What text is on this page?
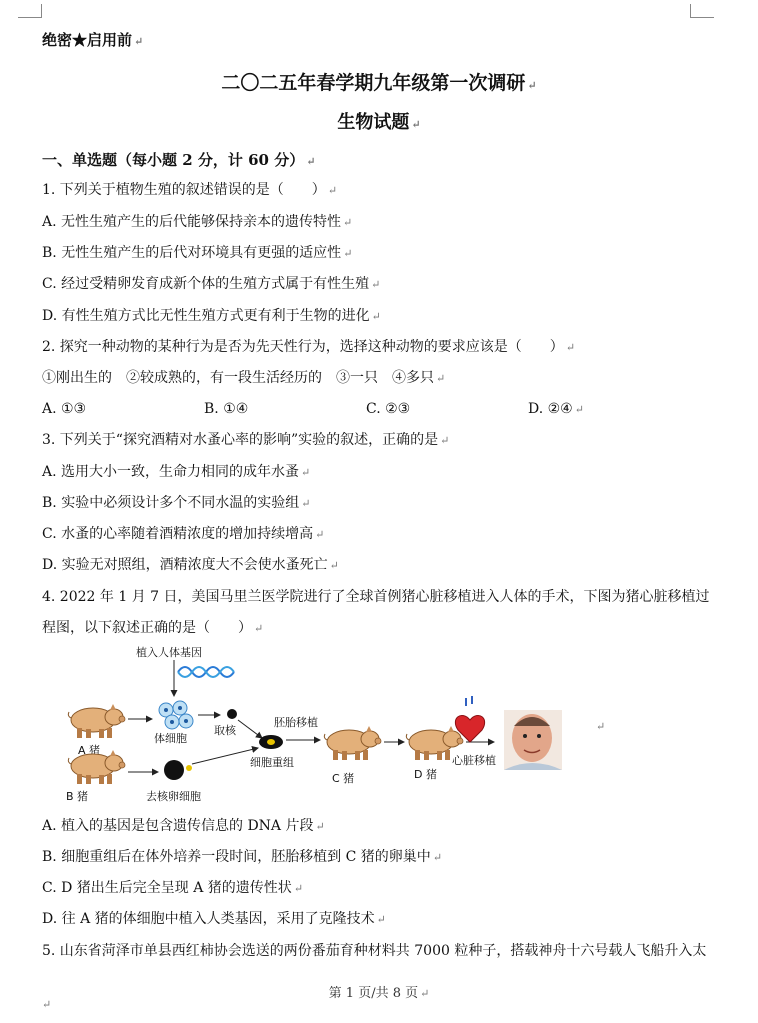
绝密★启用前 ↵
二〇二五年春学期九年级第一次调研 ↵
生物试题 ↵
一、单选题（每小题 2 分，计 60 分） ↵
1. 下列关于植物生殖的叙述错误的是（　　） ↵
A. 无性生殖产生的后代能够保持亲本的遗传特性 ↵
B. 无性生殖产生的后代对环境具有更强的适应性 ↵
C. 经过受精卵发育成新个体的生殖方式属于有性生殖 ↵
D. 有性生殖方式比无性生殖方式更有利于生物的进化 ↵
2. 探究一种动物的某种行为是否为先天性行为，选择这种动物的要求应该是（　　） ↵
①刚出生的　②较成熟的，有一段生活经历的　③一只　④多只 ↵
A. ①③	B. ①④	C. ②③	D. ②④ ↵
3. 下列关于“探究酒精对水蚤心率的影响”实验的叙述，正确的是 ↵
A. 选用大小一致，生命力相同的成年水蚤 ↵
B. 实验中必须设计多个不同水温的实验组 ↵
C. 水蚤的心率随着酒精浓度的增加持续增高 ↵
D. 实验无对照组，酒精浓度大不会使水蚤死亡 ↵
4. 2022 年 1 月 7 日，美国马里兰医学院进行了全球首例猪心脏移植进入人体的手术，下图为猪心脏移植过
程图，以下叙述正确的是（　　） ↵
植入人体基因
A 猪
体细胞
取核
B 猪	去核卵细胞
细胞重组
胚胎移植
C 猪	D 猪
心脏移植
↵
A. 植入的基因是包含遗传信息的 DNA 片段 ↵
B. 细胞重组后在体外培养一段时间，胚胎移植到 C 猪的卵巢中 ↵
C. D 猪出生后完全呈现 A 猪的遗传性状 ↵
D. 往 A 猪的体细胞中植入人类基因，采用了克隆技术 ↵
5. 山东省菏泽市单县西红柿协会选送的两份番茄育种材料共 7000 粒种子，搭载神舟十六号载人飞船升入太
第 1 页/共 8 页 ↵
↵
